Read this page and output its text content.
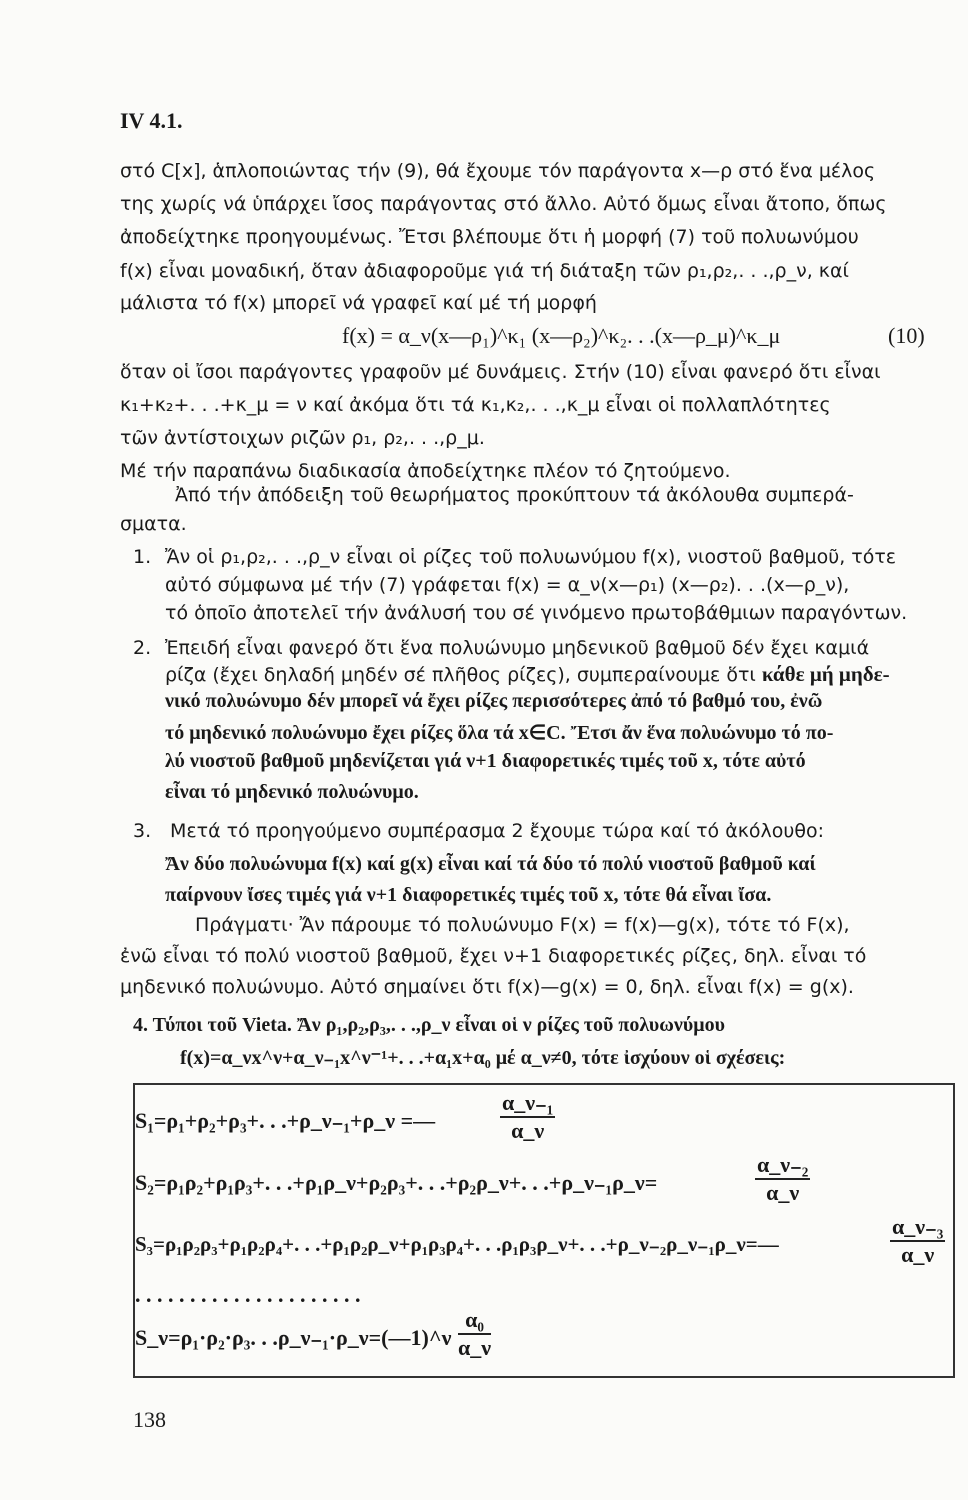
IV 4.1.
στό C[x], ἁπλοποιώντας τήν (9), θά ἔχουμε τόν παράγοντα x—ρ στό ἕνα μέλος
της χωρίς νά ὑπάρχει ἴσος παράγοντας στό ἄλλο. Αὐτό ὅμως εἶναι ἄτοπο, ὅπως
ἀποδείχτηκε προηγουμένως. Ἔτσι βλέπουμε ὅτι ἡ μορφή (7) τοῦ πολυωνύμου
f(x) εἶναι μοναδική, ὅταν ἀδιαφοροῦμε γιά τή διάταξη τῶν ρ₁,ρ₂,. . .,ρ_ν, καί
μάλιστα τό f(x) μπορεῖ νά γραφεῖ καί μέ τή μορφή
f(x) = α_ν(x—ρ₁)^κ₁ (x—ρ₂)^κ₂. . .(x—ρ_μ)^κ_μ	(10)
ὅταν οἱ ἴσοι παράγοντες γραφοῦν μέ δυνάμεις. Στήν (10) εἶναι φανερό ὅτι εἶναι
κ₁+κ₂+. . .+κ_μ = ν καί ἀκόμα ὅτι τά κ₁,κ₂,. . .,κ_μ εἶναι οἱ πολλαπλότητες
τῶν ἀντίστοιχων ριζῶν ρ₁, ρ₂,. . .,ρ_μ.
Μέ τήν παραπάνω διαδικασία ἀποδείχτηκε πλέον τό ζητούμενο.
Ἀπό τήν ἀπόδειξη τοῦ θεωρήματος προκύπτουν τά ἀκόλουθα συμπερά-
σματα.
1. Ἄν οἱ ρ₁,ρ₂,. . .,ρ_ν εἶναι οἱ ρίζες τοῦ πολυωνύμου f(x), νιοστοῦ βαθμοῦ, τότε
αὐτό σύμφωνα μέ τήν (7) γράφεται f(x) = α_ν(x—ρ₁) (x—ρ₂). . .(x—ρ_ν),
τό ὁποῖο ἀποτελεῖ τήν ἀνάλυσή του σέ γινόμενο πρωτοβάθμιων παραγόντων.
2. Ἐπειδή εἶναι φανερό ὅτι ἕνα πολυώνυμο μηδενικοῦ βαθμοῦ δέν ἔχει καμιά
ρίζα (ἔχει δηλαδή μηδέν σέ πλῆθος ρίζες), συμπεραίνουμε ὅτι κάθε μή μηδε-
νικό πολυώνυμο δέν μπορεῖ νά ἔχει ρίζες περισσότερες ἀπό τό βαθμό του, ἐνῶ
τό μηδενικό πολυώνυμο ἔχει ρίζες ὅλα τά x∈C. Ἔτσι ἄν ἕνα πολυώνυμο τό πο-
λύ νιοστοῦ βαθμοῦ μηδενίζεται γιά ν+1 διαφορετικές τιμές τοῦ x, τότε αὐτό
εἶναι τό μηδενικό πολυώνυμο.
3. Μετά τό προηγούμενο συμπέρασμα 2 ἔχουμε τώρα καί τό ἀκόλουθο:
Ἄν δύο πολυώνυμα f(x) καί g(x) εἶναι καί τά δύο τό πολύ νιοστοῦ βαθμοῦ καί
παίρνουν ἴσες τιμές γιά ν+1 διαφορετικές τιμές τοῦ x, τότε θά εἶναι ἴσα.
Πράγματι· Ἄν πάρουμε τό πολυώνυμο F(x) = f(x)—g(x), τότε τό F(x),
ἐνῶ εἶναι τό πολύ νιοστοῦ βαθμοῦ, ἔχει ν+1 διαφορετικές ρίζες, δηλ. εἶναι τό
μηδενικό πολυώνυμο. Αὐτό σημαίνει ὅτι f(x)—g(x) = 0, δηλ. εἶναι f(x) = g(x).
4. Τύποι τοῦ Vieta. Ἄν ρ₁,ρ₂,ρ₃,. . .,ρ_ν εἶναι οἱ ν ρίζες τοῦ πολυωνύμου
f(x)=α_νx^ν+α_ν₋₁x^ν⁻¹+. . .+α₁x+α₀ μέ α_ν≠0, τότε ἰσχύουν οἱ σχέσεις:
S₁=ρ₁+ρ₂+ρ₃+. . .+ρ_ν₋₁+ρ_ν =—	$\frac{\text{α\_ν₋₁}}{\alpha\_\nu}$
S₂=ρ₁ρ₂+ρ₁ρ₃+. . .+ρ₁ρ_ν+ρ₂ρ₃+. . .+ρ₂ρ_ν+. . .+ρ_ν₋₁ρ_ν=	$\frac{\text{α\_ν₋₂}}{\alpha\_\nu}$
S₃=ρ₁ρ₂ρ₃+ρ₁ρ₂ρ₄+. . .+ρ₁ρ₂ρ_ν+ρ₁ρ₃ρ₄+. . .ρ₁ρ₃ρ_ν+. . .+ρ_ν₋₂ρ_ν₋₁ρ_ν=—	$\frac{\text{α\_ν₋₃}}{\alpha\_\nu}$
. . . . . . . . . . . . . . . . . . . . .
S_ν=ρ₁·ρ₂·ρ₃. . .ρ_ν₋₁·ρ_ν=(—1)^ν $\frac{\text{α₀}}{\alpha\_\nu}$
138
